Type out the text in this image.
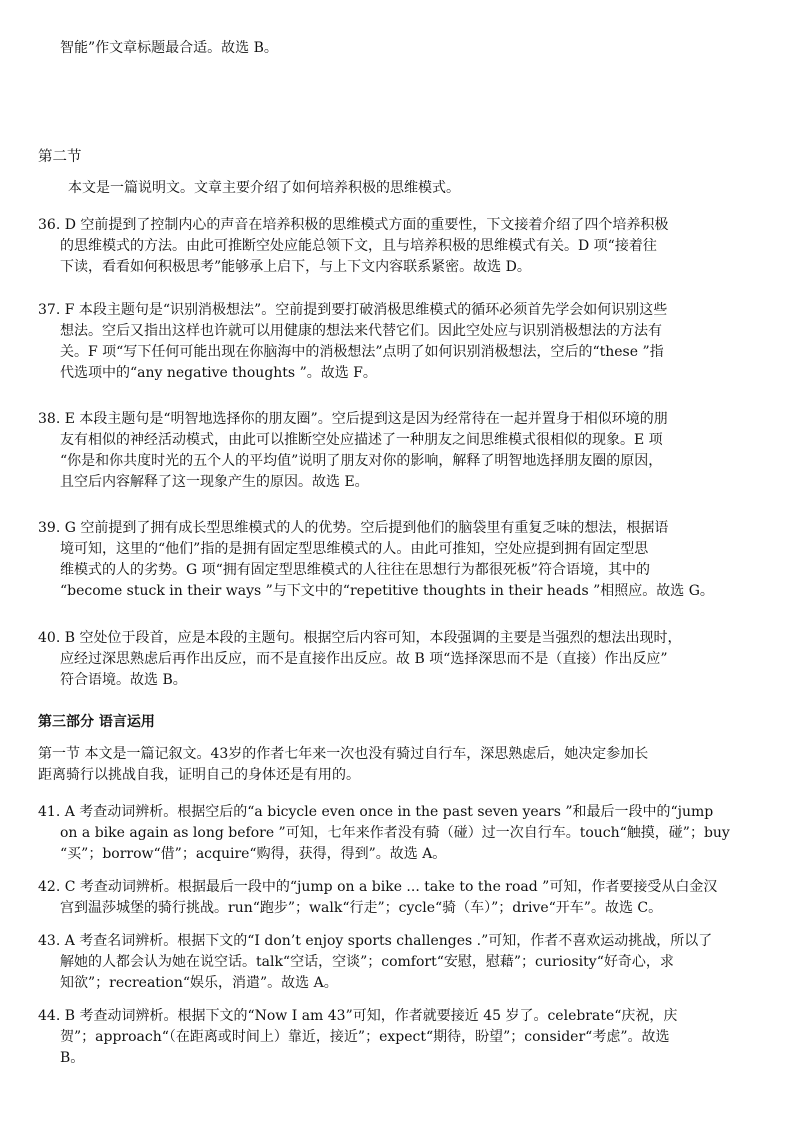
智能”作文章标题最合适。故选 B。
第二节
本文是一篇说明文。文章主要介绍了如何培养积极的思维模式。
36. D 空前提到了控制内心的声音在培养积极的思维模式方面的重要性，下文接着介绍了四个培养积极
的思维模式的方法。由此可推断空处应能总领下文，且与培养积极的思维模式有关。D 项“接着往
下读，看看如何积极思考”能够承上启下，与上下文内容联系紧密。故选 D。
37. F 本段主题句是“识别消极想法”。空前提到要打破消极思维模式的循环必须首先学会如何识别这些
想法。空后又指出这样也许就可以用健康的想法来代替它们。因此空处应与识别消极想法的方法有
关。F 项“写下任何可能出现在你脑海中的消极想法”点明了如何识别消极想法，空后的“these ”指
代选项中的“any negative thoughts ”。故选 F。
38. E 本段主题句是“明智地选择你的朋友圈”。空后提到这是因为经常待在一起并置身于相似环境的朋
友有相似的神经活动模式，由此可以推断空处应描述了一种朋友之间思维模式很相似的现象。E 项
“你是和你共度时光的五个人的平均值”说明了朋友对你的影响，解释了明智地选择朋友圈的原因，
且空后内容解释了这一现象产生的原因。故选 E。
39. G 空前提到了拥有成长型思维模式的人的优势。空后提到他们的脑袋里有重复乏味的想法，根据语
境可知，这里的“他们”指的是拥有固定型思维模式的人。由此可推知，空处应提到拥有固定型思
维模式的人的劣势。G 项“拥有固定型思维模式的人往往在思想行为都很死板”符合语境，其中的
“become stuck in their ways ”与下文中的“repetitive thoughts in their heads ”相照应。故选 G。
40. B 空处位于段首，应是本段的主题句。根据空后内容可知，本段强调的主要是当强烈的想法出现时，
应经过深思熟虑后再作出反应，而不是直接作出反应。故 B 项“选择深思而不是（直接）作出反应”
符合语境。故选 B。
第三部分 语言运用
第一节 本文是一篇记叙文。43岁的作者七年来一次也没有骑过自行车，深思熟虑后，她决定参加长
距离骑行以挑战自我，证明自己的身体还是有用的。
41. A 考查动词辨析。根据空后的“a bicycle even once in the past seven years ”和最后一段中的“jump
on a bike again as long before ”可知，七年来作者没有骑（碰）过一次自行车。touch“触摸，碰”；buy
“买”；borrow“借”；acquire“购得，获得，得到”。故选 A。
42. C 考查动词辨析。根据最后一段中的“jump on a bike ... take to the road ”可知，作者要接受从白金汉
宫到温莎城堡的骑行挑战。run“跑步”；walk“行走”；cycle“骑（车）”；drive“开车”。故选 C。
43. A 考查名词辨析。根据下文的“I don’t enjoy sports challenges .”可知，作者不喜欢运动挑战，所以了
解她的人都会认为她在说空话。talk“空话，空谈”；comfort“安慰，慰藉”；curiosity“好奇心，求
知欲”；recreation“娱乐，消遣”。故选 A。
44. B 考查动词辨析。根据下文的“Now I am 43”可知，作者就要接近 45 岁了。celebrate“庆祝，庆
贺”；approach“（在距离或时间上）靠近，接近”；expect“期待，盼望”；consider“考虑”。故选
B。
